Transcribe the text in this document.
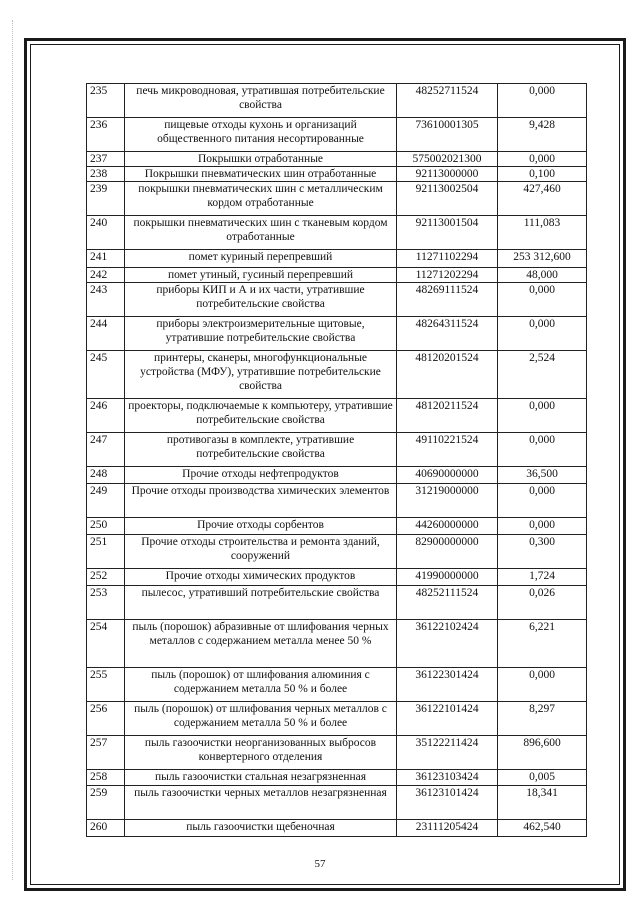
235	печь микроводновая, утратившая потребительские свойства	48252711524	0,000
236	пищевые отходы кухонь и организаций общественного питания несортированные	73610001305	9,428
237	Покрышки отработанные	575002021300	0,000
238	Покрышки пневматических шин отработанные	92113000000	0,100
239	покрышки пневматических шин с металлическим кордом отработанные	92113002504	427,460
240	покрышки пневматических шин с тканевым кордом отработанные	92113001504	111,083
241	помет куриный перепревший	11271102294	253 312,600
242	помет утиный, гусиный перепревший	11271202294	48,000
243	приборы КИП и А и их части, утратившие потребительские свойства	48269111524	0,000
244	приборы электроизмерительные щитовые, утратившие потребительские свойства	48264311524	0,000
245	принтеры, сканеры, многофункциональные устройства (МФУ), утратившие потребительские свойства	48120201524	2,524
246	проекторы, подключаемые к компьютеру, утратившие потребительские свойства	48120211524	0,000
247	противогазы в комплекте, утратившие потребительские свойства	49110221524	0,000
248	Прочие отходы нефтепродуктов	40690000000	36,500
249	Прочие отходы производства химических элементов	31219000000	0,000
250	Прочие отходы сорбентов	44260000000	0,000
251	Прочие отходы строительства и ремонта зданий, сооружений	82900000000	0,300
252	Прочие отходы химических продуктов	41990000000	1,724
253	пылесос, утративший потребительские свойства	48252111524	0,026
254	пыль (порошок) абразивные от шлифования черных металлов с содержанием металла менее 50 %	36122102424	6,221
255	пыль (порошок) от шлифования алюминия с содержанием металла 50 % и более	36122301424	0,000
256	пыль (порошок) от шлифования черных металлов с содержанием металла 50 % и более	36122101424	8,297
257	пыль газоочистки неорганизованных выбросов конвертерного отделения	35122211424	896,600
258	пыль газоочистки стальная незагрязненная	36123103424	0,005
259	пыль газоочистки черных металлов незагрязненная	36123101424	18,341
260	пыль газоочистки щебеночная	23111205424	462,540
57
